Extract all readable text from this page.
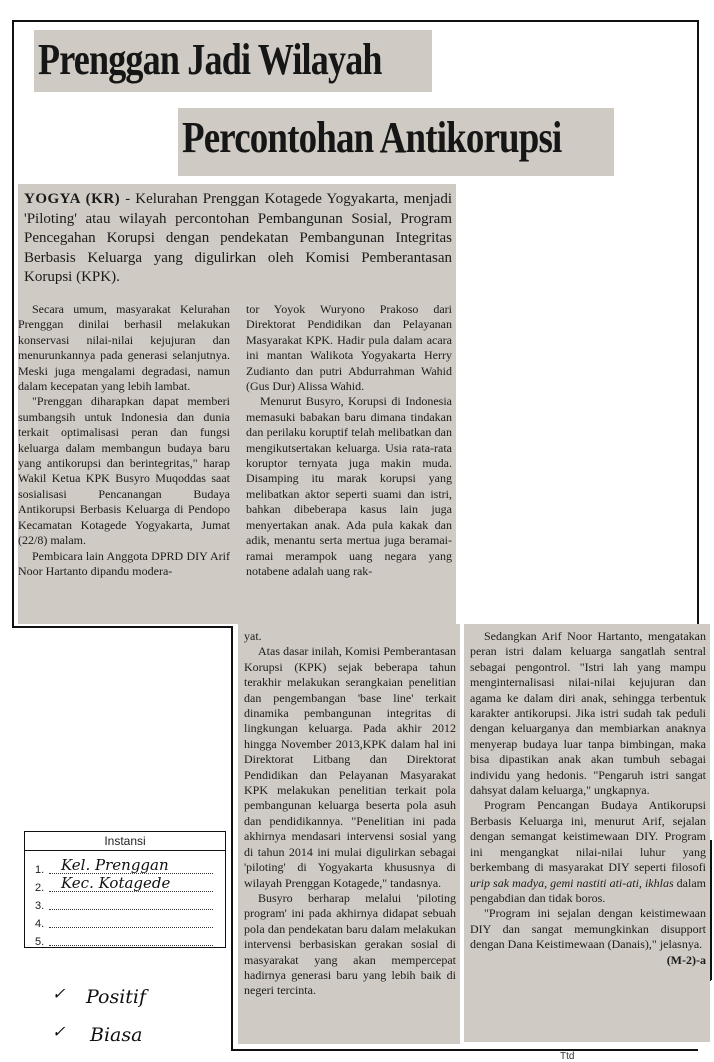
Prenggan Jadi Wilayah
Percontohan Antikorupsi
YOGYA (KR) - Kelurahan Prenggan Kotagede Yogyakarta, menjadi 'Piloting' atau wilayah percontohan Pembangunan Sosial, Program Pencegahan Korupsi dengan pendekatan Pembangunan Integritas Berbasis Keluarga yang digulirkan oleh Komisi Pemberantasan Korupsi (KPK).

Secara umum, masyarakat Kelurahan Prenggan dinilai berhasil melakukan konservasi nilai-nilai kejujuran dan menurunkannya pada generasi selanjutnya. Meski juga mengalami degradasi, namun dalam kecepatan yang lebih lambat.

"Prenggan diharapkan dapat memberi sumbangsih untuk Indonesia dan dunia terkait optimalisasi peran dan fungsi keluarga dalam membangun budaya baru yang antikorupsi dan berintegritas," harap Wakil Ketua KPK Busyro Muqoddas saat sosialisasi Pencanangan Budaya Antikorupsi Berbasis Keluarga di Pendopo Kecamatan Kotagede Yogyakarta, Jumat (22/8) malam.

Pembicara lain Anggota DPRD DIY Arif Noor Hartanto dipandu modera-

tor Yoyok Wuryono Prakoso dari Direktorat Pendidikan dan Pelayanan Masyarakat KPK. Hadir pula dalam acara ini mantan Walikota Yogyakarta Herry Zudianto dan putri Abdurrahman Wahid (Gus Dur) Alissa Wahid.

Menurut Busyro, Korupsi di Indonesia memasuki babakan baru dimana tindakan dan perilaku koruptif telah melibatkan dan mengikutsertakan keluarga. Usia rata-rata koruptor ternyata juga makin muda. Disamping itu marak korupsi yang melibatkan aktor seperti suami dan istri, bahkan dibeberapa kasus lain juga menyertakan anak. Ada pula kakak dan adik, menantu serta mertua juga beramai-ramai merampok uang negara yang notabene adalah uang rak-

yat.

Atas dasar inilah, Komisi Pemberantasan Korupsi (KPK) sejak beberapa tahun terakhir melakukan serangkaian penelitian dan pengembangan 'base line' terkait dinamika pembangunan integritas di lingkungan keluarga. Pada akhir 2012 hingga November 2013,KPK dalam hal ini Direktorat Litbang dan Direktorat Pendidikan dan Pelayanan Masyarakat KPK melakukan penelitian terkait pola pembangunan keluarga beserta pola asuh dan pendidikannya. "Penelitian ini pada akhirnya mendasari intervensi sosial yang di tahun 2014 ini mulai digulirkan sebagai 'piloting' di Yogyakarta khususnya di wilayah Prenggan Kotagede," tandasnya.

Busyro berharap melalui 'piloting program' ini pada akhirnya didapat sebuah pola dan pendekatan baru dalam melakukan intervensi berbasiskan gerakan sosial di masyarakat yang akan mempercepat hadirnya generasi baru yang lebih baik di negeri tercinta.

Sedangkan Arif Noor Hartanto, mengatakan peran istri dalam keluarga sangatlah sentral sebagai pengontrol. "Istri lah yang mampu menginternalisasi nilai-nilai kejujuran dan agama ke dalam diri anak, sehingga terbentuk karakter antikorupsi. Jika istri sudah tak peduli dengan keluarganya dan membiarkan anaknya menyerap budaya luar tanpa bimbingan, maka bisa dipastikan anak akan tumbuh sebagai individu yang hedonis. "Pengaruh istri sangat dahsyat dalam keluarga," ungkapnya.

Program Pencangan Budaya Antikorupsi Berbasis Keluarga ini, menurut Arif, sejalan dengan semangat keistimewaan DIY. Program ini mengangkat nilai-nilai luhur yang berkembang di masyarakat DIY seperti filosofi urip sak madya, gemi nastiti ati-ati, ikhlas dalam pengabdian dan tidak boros.

"Program ini sejalan dengan keistimewaan DIY dan sangat memungkinkan disupport dengan Dana Keistimewaan (Danais)," jelasnya.
(M-2)-a

Instansi
1. Kel. Prenggan
2. Kec. Kotagede
3.
4.
5.
✓ Positif
✓ Biasa
Ttd
